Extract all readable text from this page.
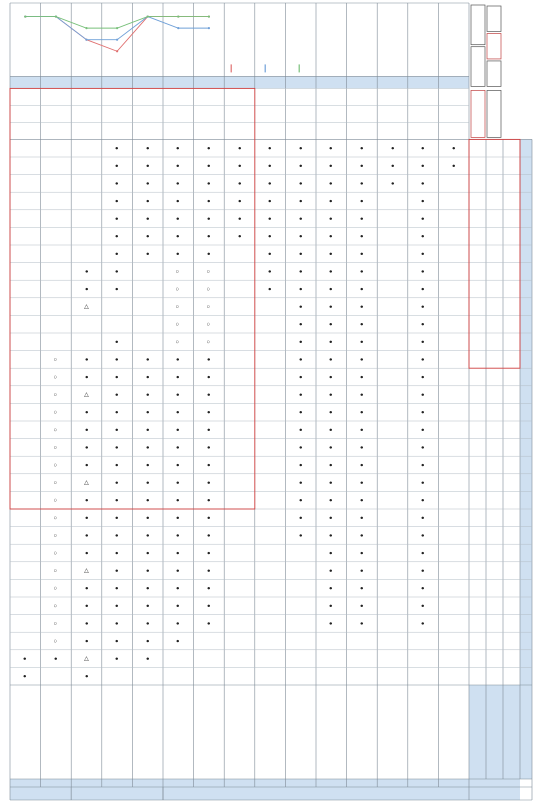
•
• •
○
○
○
○
○
○
○
○
○
○
○
○
○
○
○
○
○
•
▷
•
•
•
•
▷
•
•
•
•
▷
•
•
•
•
▷
•
•
▷
•
•
•
•
•
•
•
•
•
•
•
•
•
•
•
•
•
•
•
•
•
•
•
•
•
•
•
•
•
•
•
•
•
•
•
•
•
•
•
•
•
•
•
•
•
•
•
•
•
•
•
•
•
•
•
•
•
•
•
•
•
•
•
•
•
•
•
•
•
•
•
•
○
○
○
○
○
•
•
•
•
•
•
•
•
•
•
•
•
•
•
•
•
•
•
•
•
•
•
•
○
○
○
○
○
•
•
•
•
•
•
•
•
•
•
•
•
•
•
•
•
•
•
•
•
•
•
•
•
•
•
•
•
•
•
•
•
•
•
•
•
•
•
•
•
•
•
•
•
•
•
•
•
•
•
•
•
•
•
•
•
•
•
•
•
•
•
•
•
•
•
•
•
•
•
•
•
•
•
•
•
•
•
•
•
•
•
•
•
•
•
•
•
•
•
•
•
•
•
•
•
•
•
•
•
•
•
•
•
•
•
•
•
•
•
•
•
•
•
•
•
•
•
•
•
•
•
•
•
•
•
•
•
•
•
•
•
•
•
